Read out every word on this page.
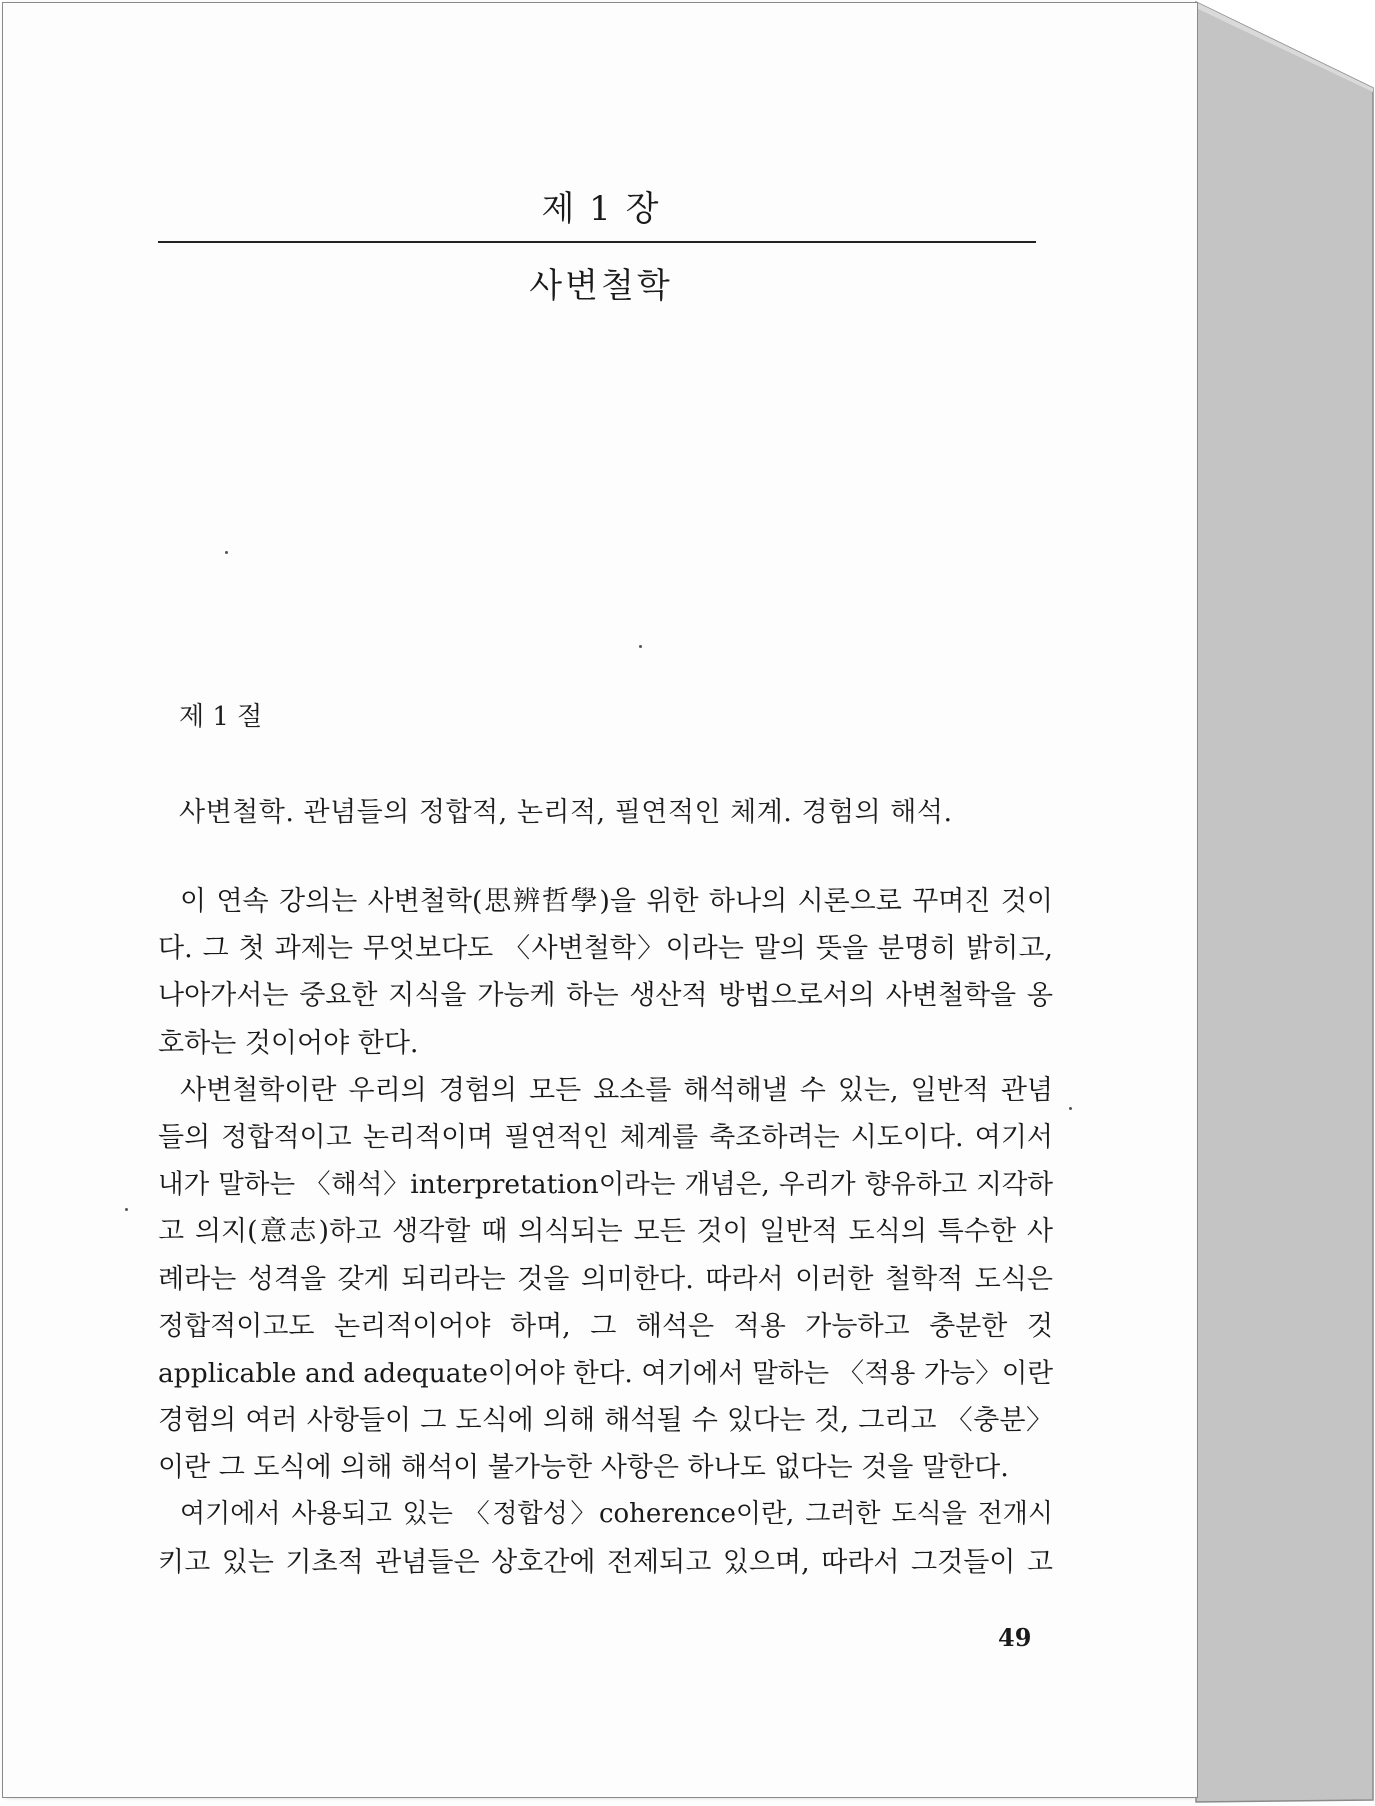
제 1 장
사변철학
제 1 절
사변철학. 관념들의 정합적, 논리적, 필연적인 체계. 경험의 해석.
이 연속 강의는 사변철학(思辨哲學)을 위한 하나의 시론으로 꾸며진 것이
다. 그 첫 과제는 무엇보다도 〈사변철학〉이라는 말의 뜻을 분명히 밝히고,
나아가서는 중요한 지식을 가능케 하는 생산적 방법으로서의 사변철학을 옹
호하는 것이어야 한다.
사변철학이란 우리의 경험의 모든 요소를 해석해낼 수 있는, 일반적 관념
들의 정합적이고 논리적이며 필연적인 체계를 축조하려는 시도이다. 여기서
내가 말하는 〈해석〉interpretation이라는 개념은, 우리가 향유하고 지각하
고 의지(意志)하고 생각할 때 의식되는 모든 것이 일반적 도식의 특수한 사
례라는 성격을 갖게 되리라는 것을 의미한다. 따라서 이러한 철학적 도식은
정합적이고도 논리적이어야 하며, 그 해석은 적용 가능하고 충분한 것
applicable and adequate이어야 한다. 여기에서 말하는 〈적용 가능〉이란
경험의 여러 사항들이 그 도식에 의해 해석될 수 있다는 것, 그리고 〈충분〉
이란 그 도식에 의해 해석이 불가능한 사항은 하나도 없다는 것을 말한다.
여기에서 사용되고 있는 〈정합성〉coherence이란, 그러한 도식을 전개시
키고 있는 기초적 관념들은 상호간에 전제되고 있으며, 따라서 그것들이 고
49
